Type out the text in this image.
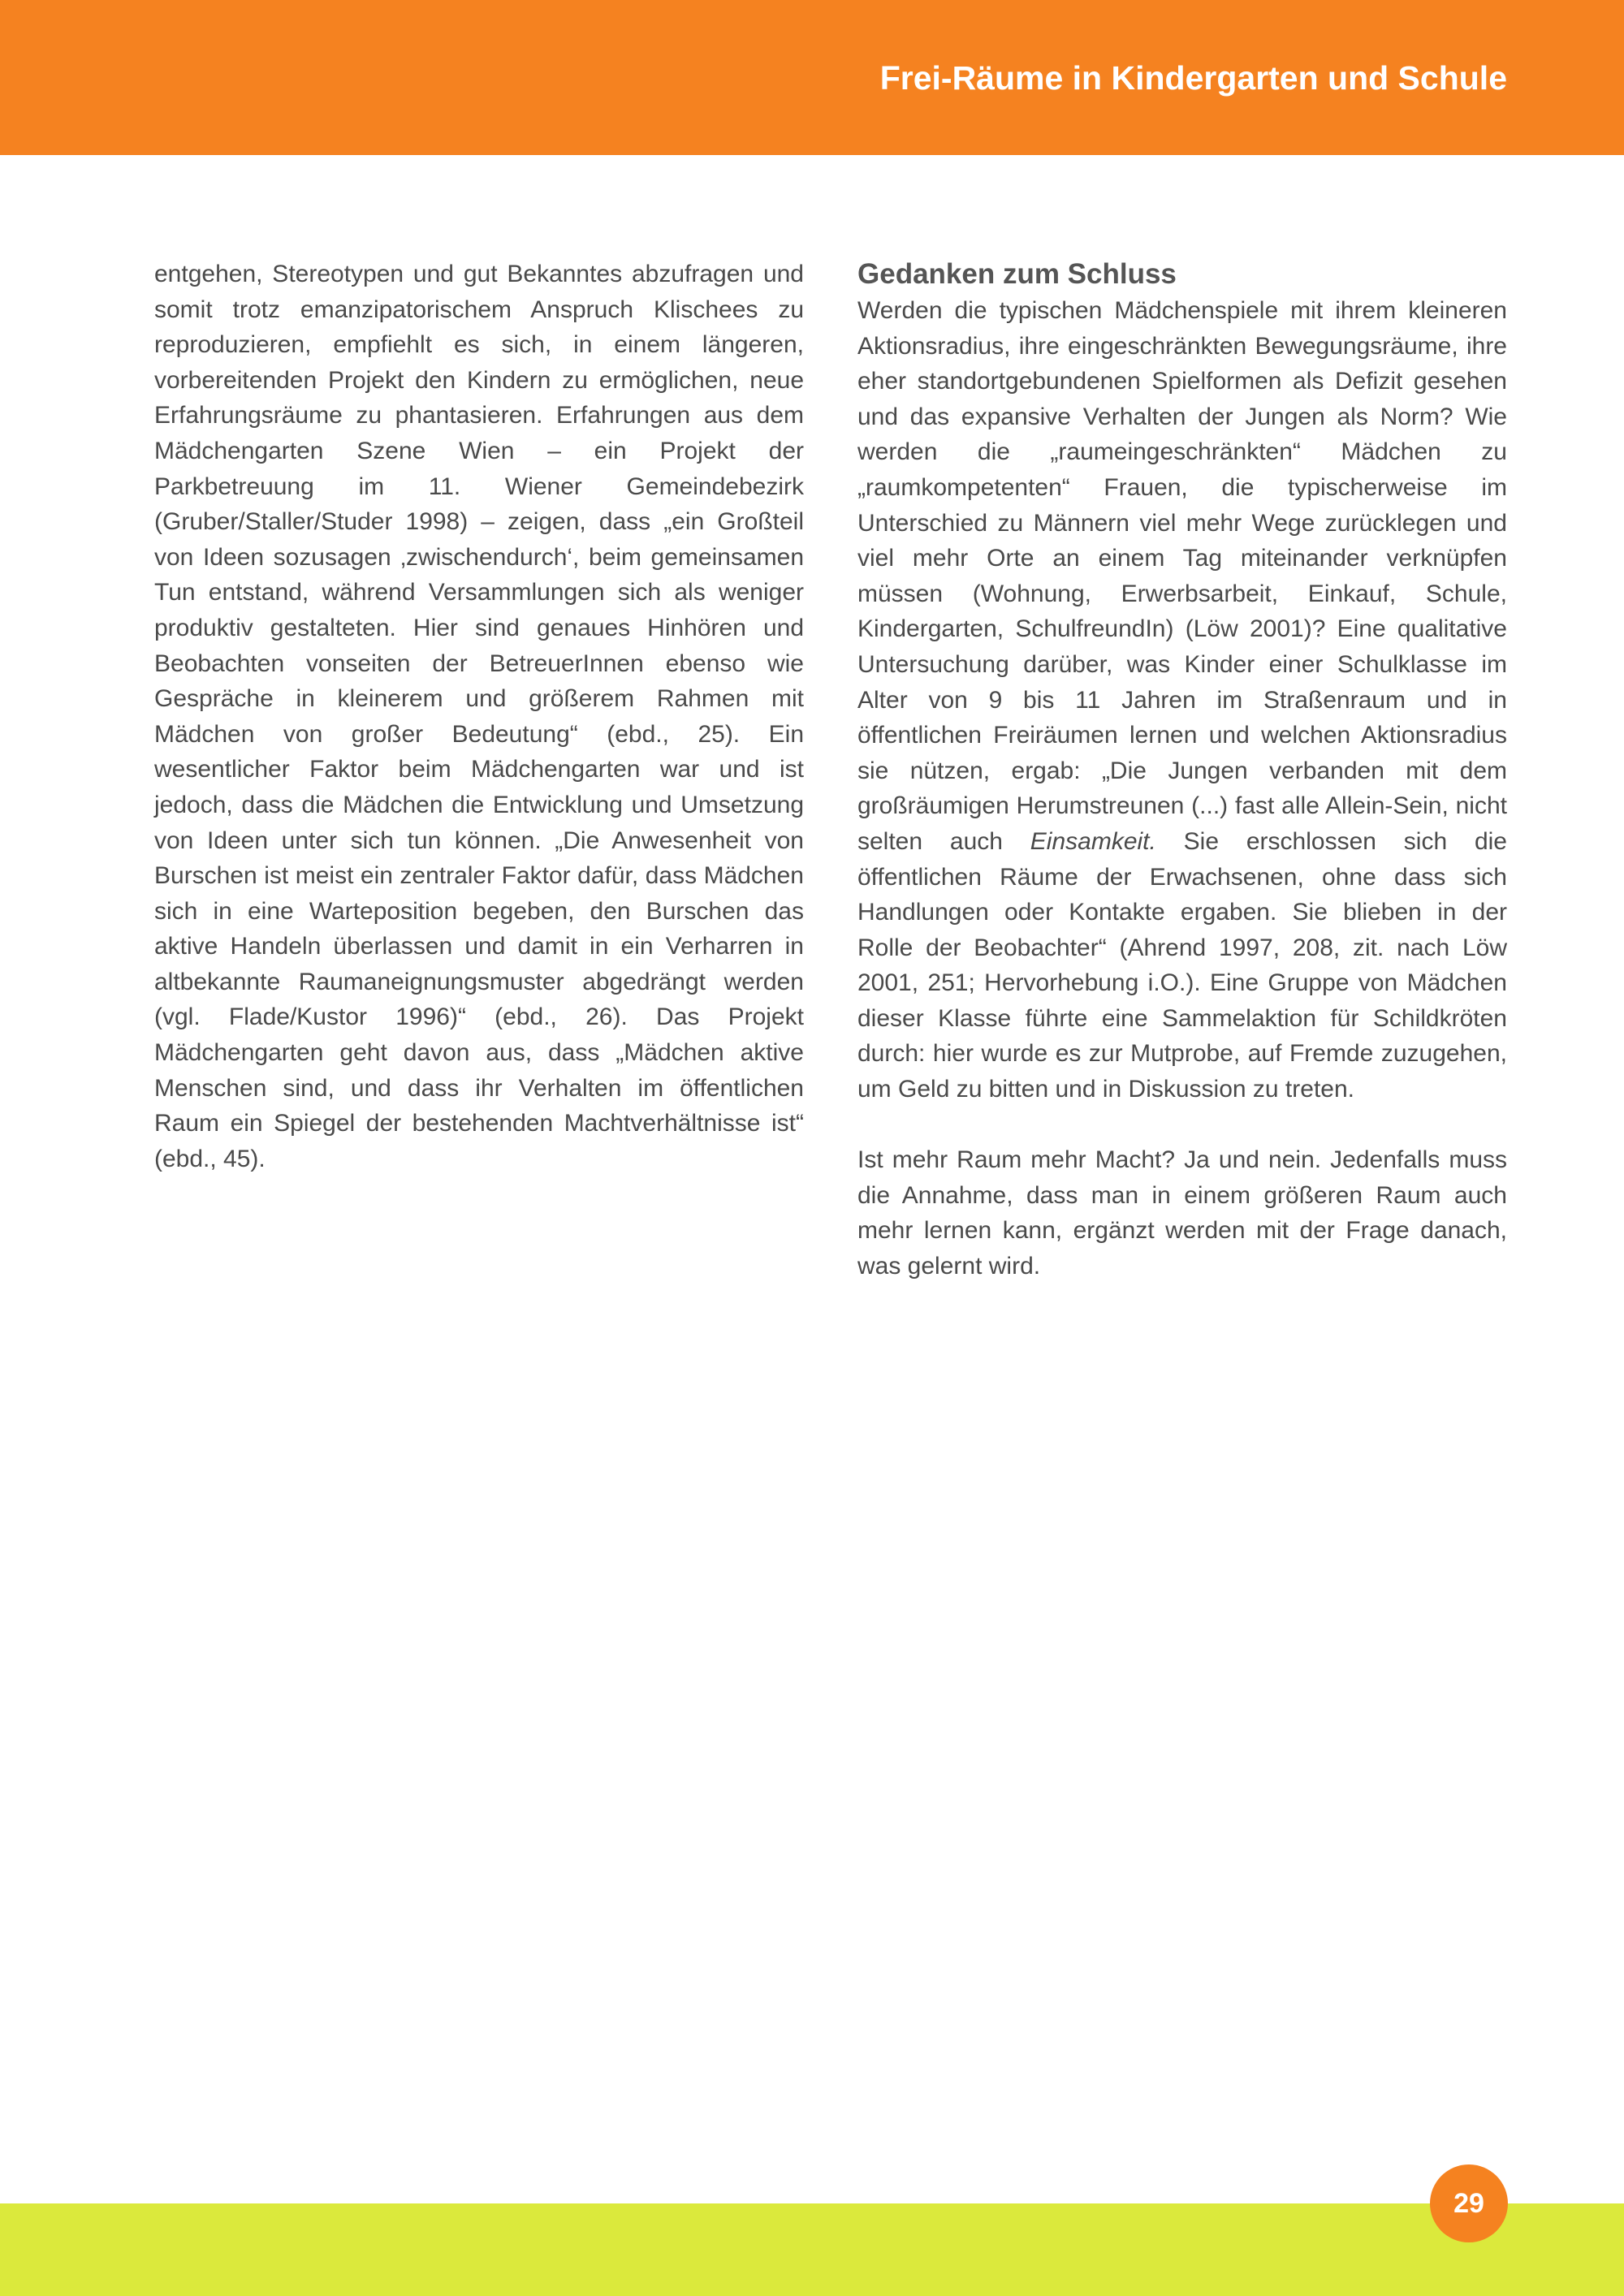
Frei-Räume in Kindergarten und Schule

entgehen, Stereotypen und gut Bekanntes abzufragen und somit trotz emanzipatorischem Anspruch Klischees zu reproduzieren, empfiehlt es sich, in einem längeren, vorbereitenden Projekt den Kindern zu ermöglichen, neue Erfahrungsräume zu phantasieren. Erfahrungen aus dem Mädchengarten Szene Wien – ein Projekt der Parkbetreuung im 11. Wiener Gemeindebezirk (Gruber/Staller/Studer 1998) – zeigen, dass „ein Großteil von Ideen sozusagen ‚zwischendurch‘, beim gemeinsamen Tun entstand, während Versammlungen sich als weniger produktiv gestalteten. Hier sind genaues Hinhören und Beobachten vonseiten der BetreuerInnen ebenso wie Gespräche in kleinerem und größerem Rahmen mit Mädchen von großer Bedeutung“ (ebd., 25). Ein wesentlicher Faktor beim Mädchengarten war und ist jedoch, dass die Mädchen die Entwicklung und Umsetzung von Ideen unter sich tun können. „Die Anwesenheit von Burschen ist meist ein zentraler Faktor dafür, dass Mädchen sich in eine Warteposition begeben, den Burschen das aktive Handeln überlassen und damit in ein Verharren in altbekannte Raumaneignungsmuster abgedrängt werden (vgl. Flade/Kustor 1996)“ (ebd., 26). Das Projekt Mädchengarten geht davon aus, dass „Mädchen aktive Menschen sind, und dass ihr Verhalten im öffentlichen Raum ein Spiegel der bestehenden Machtverhältnisse ist“ (ebd., 45).

Gedanken zum Schluss

Werden die typischen Mädchenspiele mit ihrem kleineren Aktionsradius, ihre eingeschränkten Bewegungsräume, ihre eher standortgebundenen Spielformen als Defizit gesehen und das expansive Verhalten der Jungen als Norm? Wie werden die „raumeingeschränkten“ Mädchen zu „raumkompetenten“ Frauen, die typischerweise im Unterschied zu Männern viel mehr Wege zurücklegen und viel mehr Orte an einem Tag miteinander verknüpfen müssen (Wohnung, Erwerbsarbeit, Einkauf, Schule, Kindergarten, SchulfreundIn) (Löw 2001)? Eine qualitative Untersuchung darüber, was Kinder einer Schulklasse im Alter von 9 bis 11 Jahren im Straßenraum und in öffentlichen Freiräumen lernen und welchen Aktionsradius sie nützen, ergab: „Die Jungen verbanden mit dem großräumigen Herumstreunen (...) fast alle Allein-Sein, nicht selten auch Einsamkeit. Sie erschlossen sich die öffentlichen Räume der Erwachsenen, ohne dass sich Handlungen oder Kontakte ergaben. Sie blieben in der Rolle der Beobachter“ (Ahrend 1997, 208, zit. nach Löw 2001, 251; Hervorhebung i.O.). Eine Gruppe von Mädchen dieser Klasse führte eine Sammelaktion für Schildkröten durch: hier wurde es zur Mutprobe, auf Fremde zuzugehen, um Geld zu bitten und in Diskussion zu treten.

Ist mehr Raum mehr Macht? Ja und nein. Jedenfalls muss die Annahme, dass man in einem größeren Raum auch mehr lernen kann, ergänzt werden mit der Frage danach, was gelernt wird.

29
